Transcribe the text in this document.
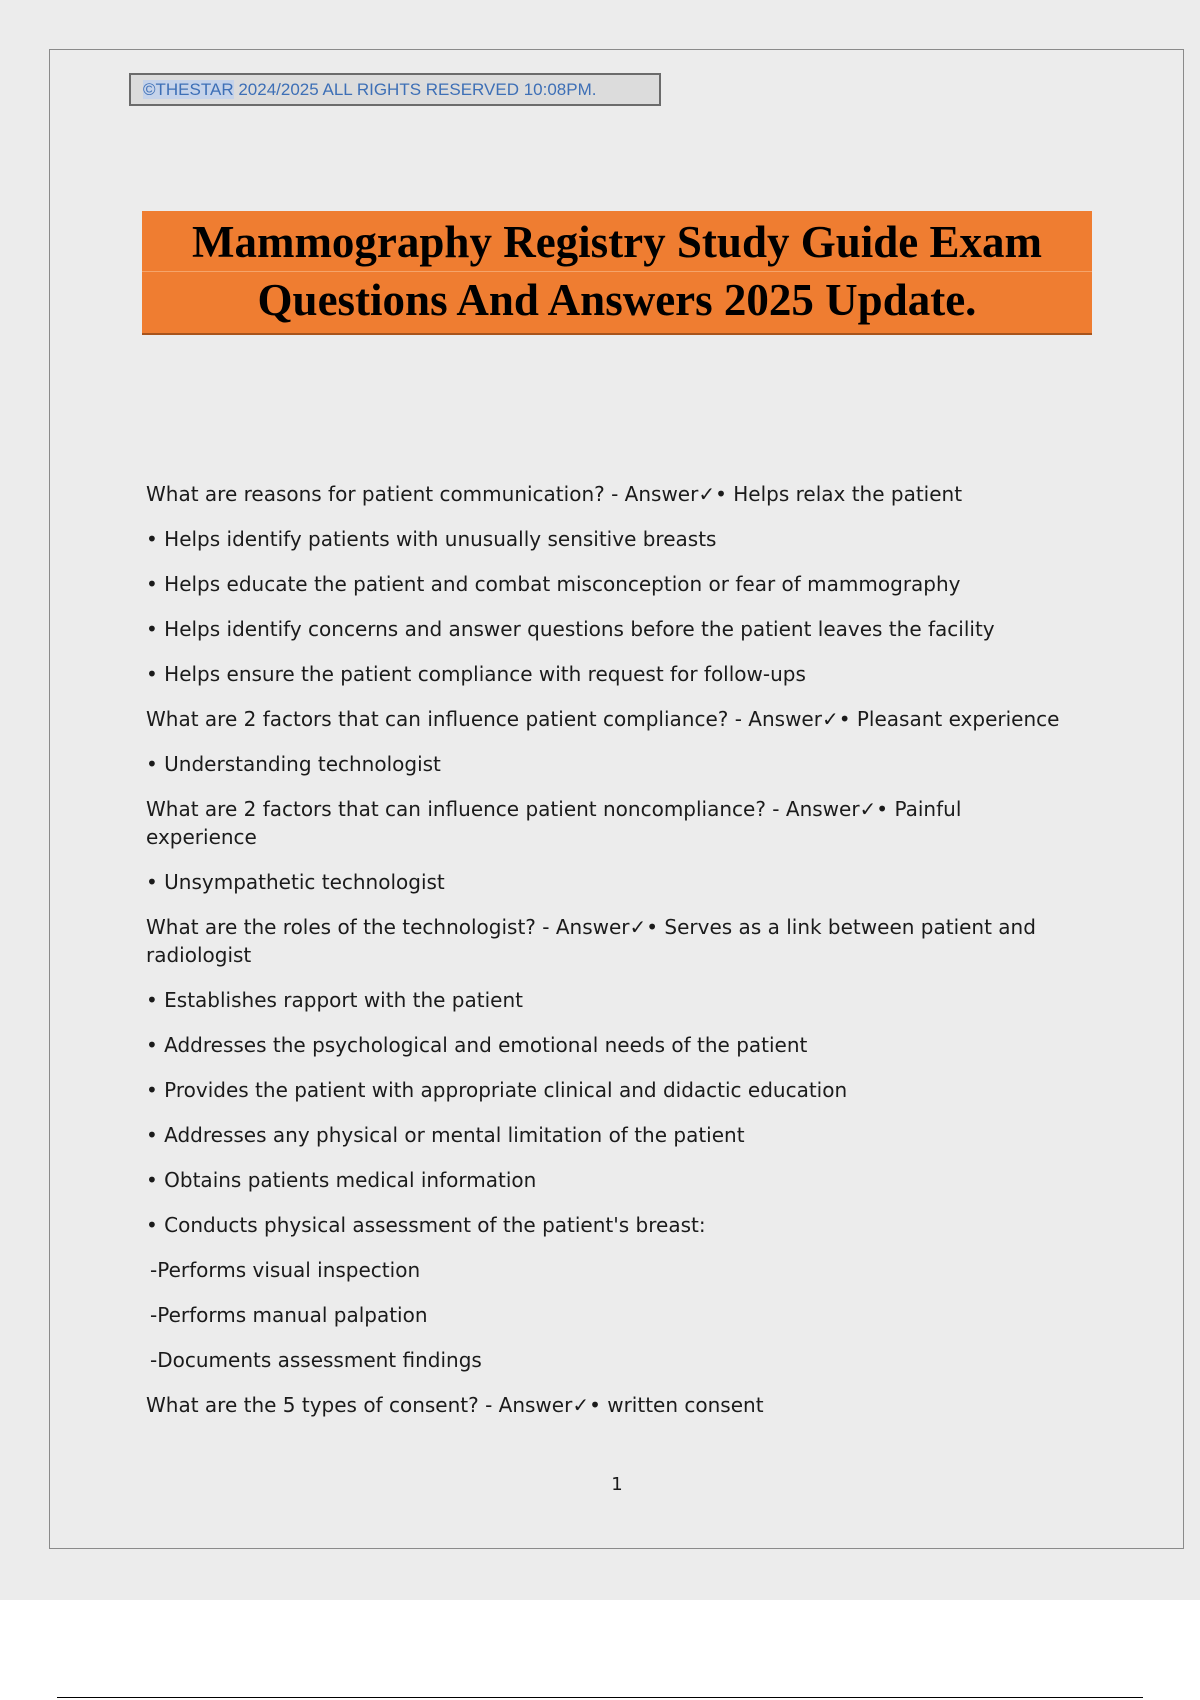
©THESTAR 2024/2025 ALL RIGHTS RESERVED 10:08PM.
Mammography Registry Study Guide Exam
Questions And Answers 2025 Update.

What are reasons for patient communication? - Answer✓• Helps relax the patient

• Helps identify patients with unusually sensitive breasts

• Helps educate the patient and combat misconception or fear of mammography

• Helps identify concerns and answer questions before the patient leaves the facility

• Helps ensure the patient compliance with request for follow-ups

What are 2 factors that can influence patient compliance? - Answer✓• Pleasant experience

• Understanding technologist

What are 2 factors that can influence patient noncompliance? - Answer✓• Painful experience

• Unsympathetic technologist

What are the roles of the technologist? - Answer✓• Serves as a link between patient and radiologist

• Establishes rapport with the patient

• Addresses the psychological and emotional needs of the patient

• Provides the patient with appropriate clinical and didactic education

• Addresses any physical or mental limitation of the patient

• Obtains patients medical information

• Conducts physical assessment of the patient's breast:

-Performs visual inspection

-Performs manual palpation

-Documents assessment findings

What are the 5 types of consent? - Answer✓• written consent

1
